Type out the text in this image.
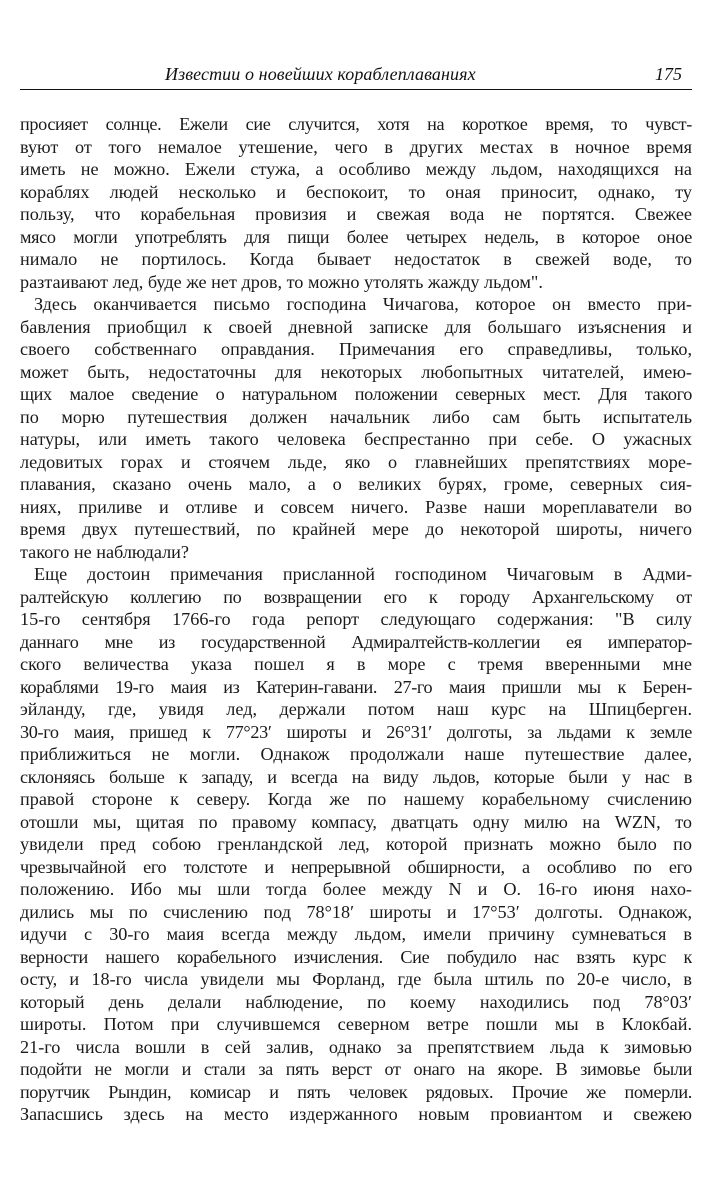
Известии о новейших кораблеплаваниях	175
просияет солнце. Ежели сие случится, хотя на короткое время, то чувст-
вуют от того немалое утешение, чего в других местах в ночное время
иметь не можно. Ежели стужа, а особливо между льдом, находящихся на
кораблях людей несколько и беспокоит, то оная приносит, однако, ту
пользу, что корабельная провизия и свежая вода не портятся. Свежее
мясо могли употреблять для пищи более четырех недель, в которое оное
нимало не портилось. Когда бывает недостаток в свежей воде, то
разтаивают лед, буде же нет дров, то можно утолять жажду льдом".
Здесь оканчивается письмо господина Чичагова, которое он вместо при-
бавления приобщил к своей дневной записке для большаго изъяснения и
своего собственнаго оправдания. Примечания его справедливы, только,
может быть, недостаточны для некоторых любопытных читателей, имею-
щих малое сведение о натуральном положении северных мест. Для такого
по морю путешествия должен начальник либо сам быть испытатель
натуры, или иметь такого человека беспрестанно при себе. О ужасных
ледовитых горах и стоячем льде, яко о главнейших препятствиях море-
плавания, сказано очень мало, а о великих бурях, громе, северных сия-
ниях, приливе и отливе и совсем ничего. Разве наши мореплаватели во
время двух путешествий, по крайней мере до некоторой широты, ничего
такого не наблюдали?
Еще достоин примечания присланной господином Чичаговым в Адми-
ралтейскую коллегию по возвращении его к городу Архангельскому от
15-го сентября 1766-го года репорт следующаго содержания: "В силу
даннаго мне из государственной Адмиралтейств-коллегии ея император-
ского величества указа пошел я в море с тремя вверенными мне
кораблями 19-го маия из Катерин-гавани. 27-го маия пришли мы к Берен-
эйланду, где, увидя лед, держали потом наш курс на Шпицберген.
30-го маия, пришед к 77°23′ широты и 26°31′ долготы, за льдами к земле
приближиться не могли. Однакож продолжали наше путешествие далее,
склоняясь больше к западу, и всегда на виду льдов, которые были у нас в
правой стороне к северу. Когда же по нашему корабельному счислению
отошли мы, щитая по правому компасу, дватцать одну милю на WZN, то
увидели пред собою гренландской лед, которой признать можно было по
чрезвычайной его толстоте и непрерывной обширности, а особливо по его
положению. Ибо мы шли тогда более между N и О. 16-го июня нахо-
дились мы по счислению под 78°18′ широты и 17°53′ долготы. Однакож,
идучи с 30-го маия всегда между льдом, имели причину сумневаться в
верности нашего корабельного изчисления. Сие побудило нас взять курс к
осту, и 18-го числа увидели мы Форланд, где была штиль по 20-е число, в
который день делали наблюдение, по коему находились под 78°03′
широты. Потом при случившемся северном ветре пошли мы в Клокбай.
21-го числа вошли в сей залив, однако за препятствием льда к зимовью
подойти не могли и стали за пять верст от онаго на якоре. В зимовье были
порутчик Рындин, комисар и пять человек рядовых. Прочие же померли.
Запасшись здесь на место издержанного новым провиантом и свежею
